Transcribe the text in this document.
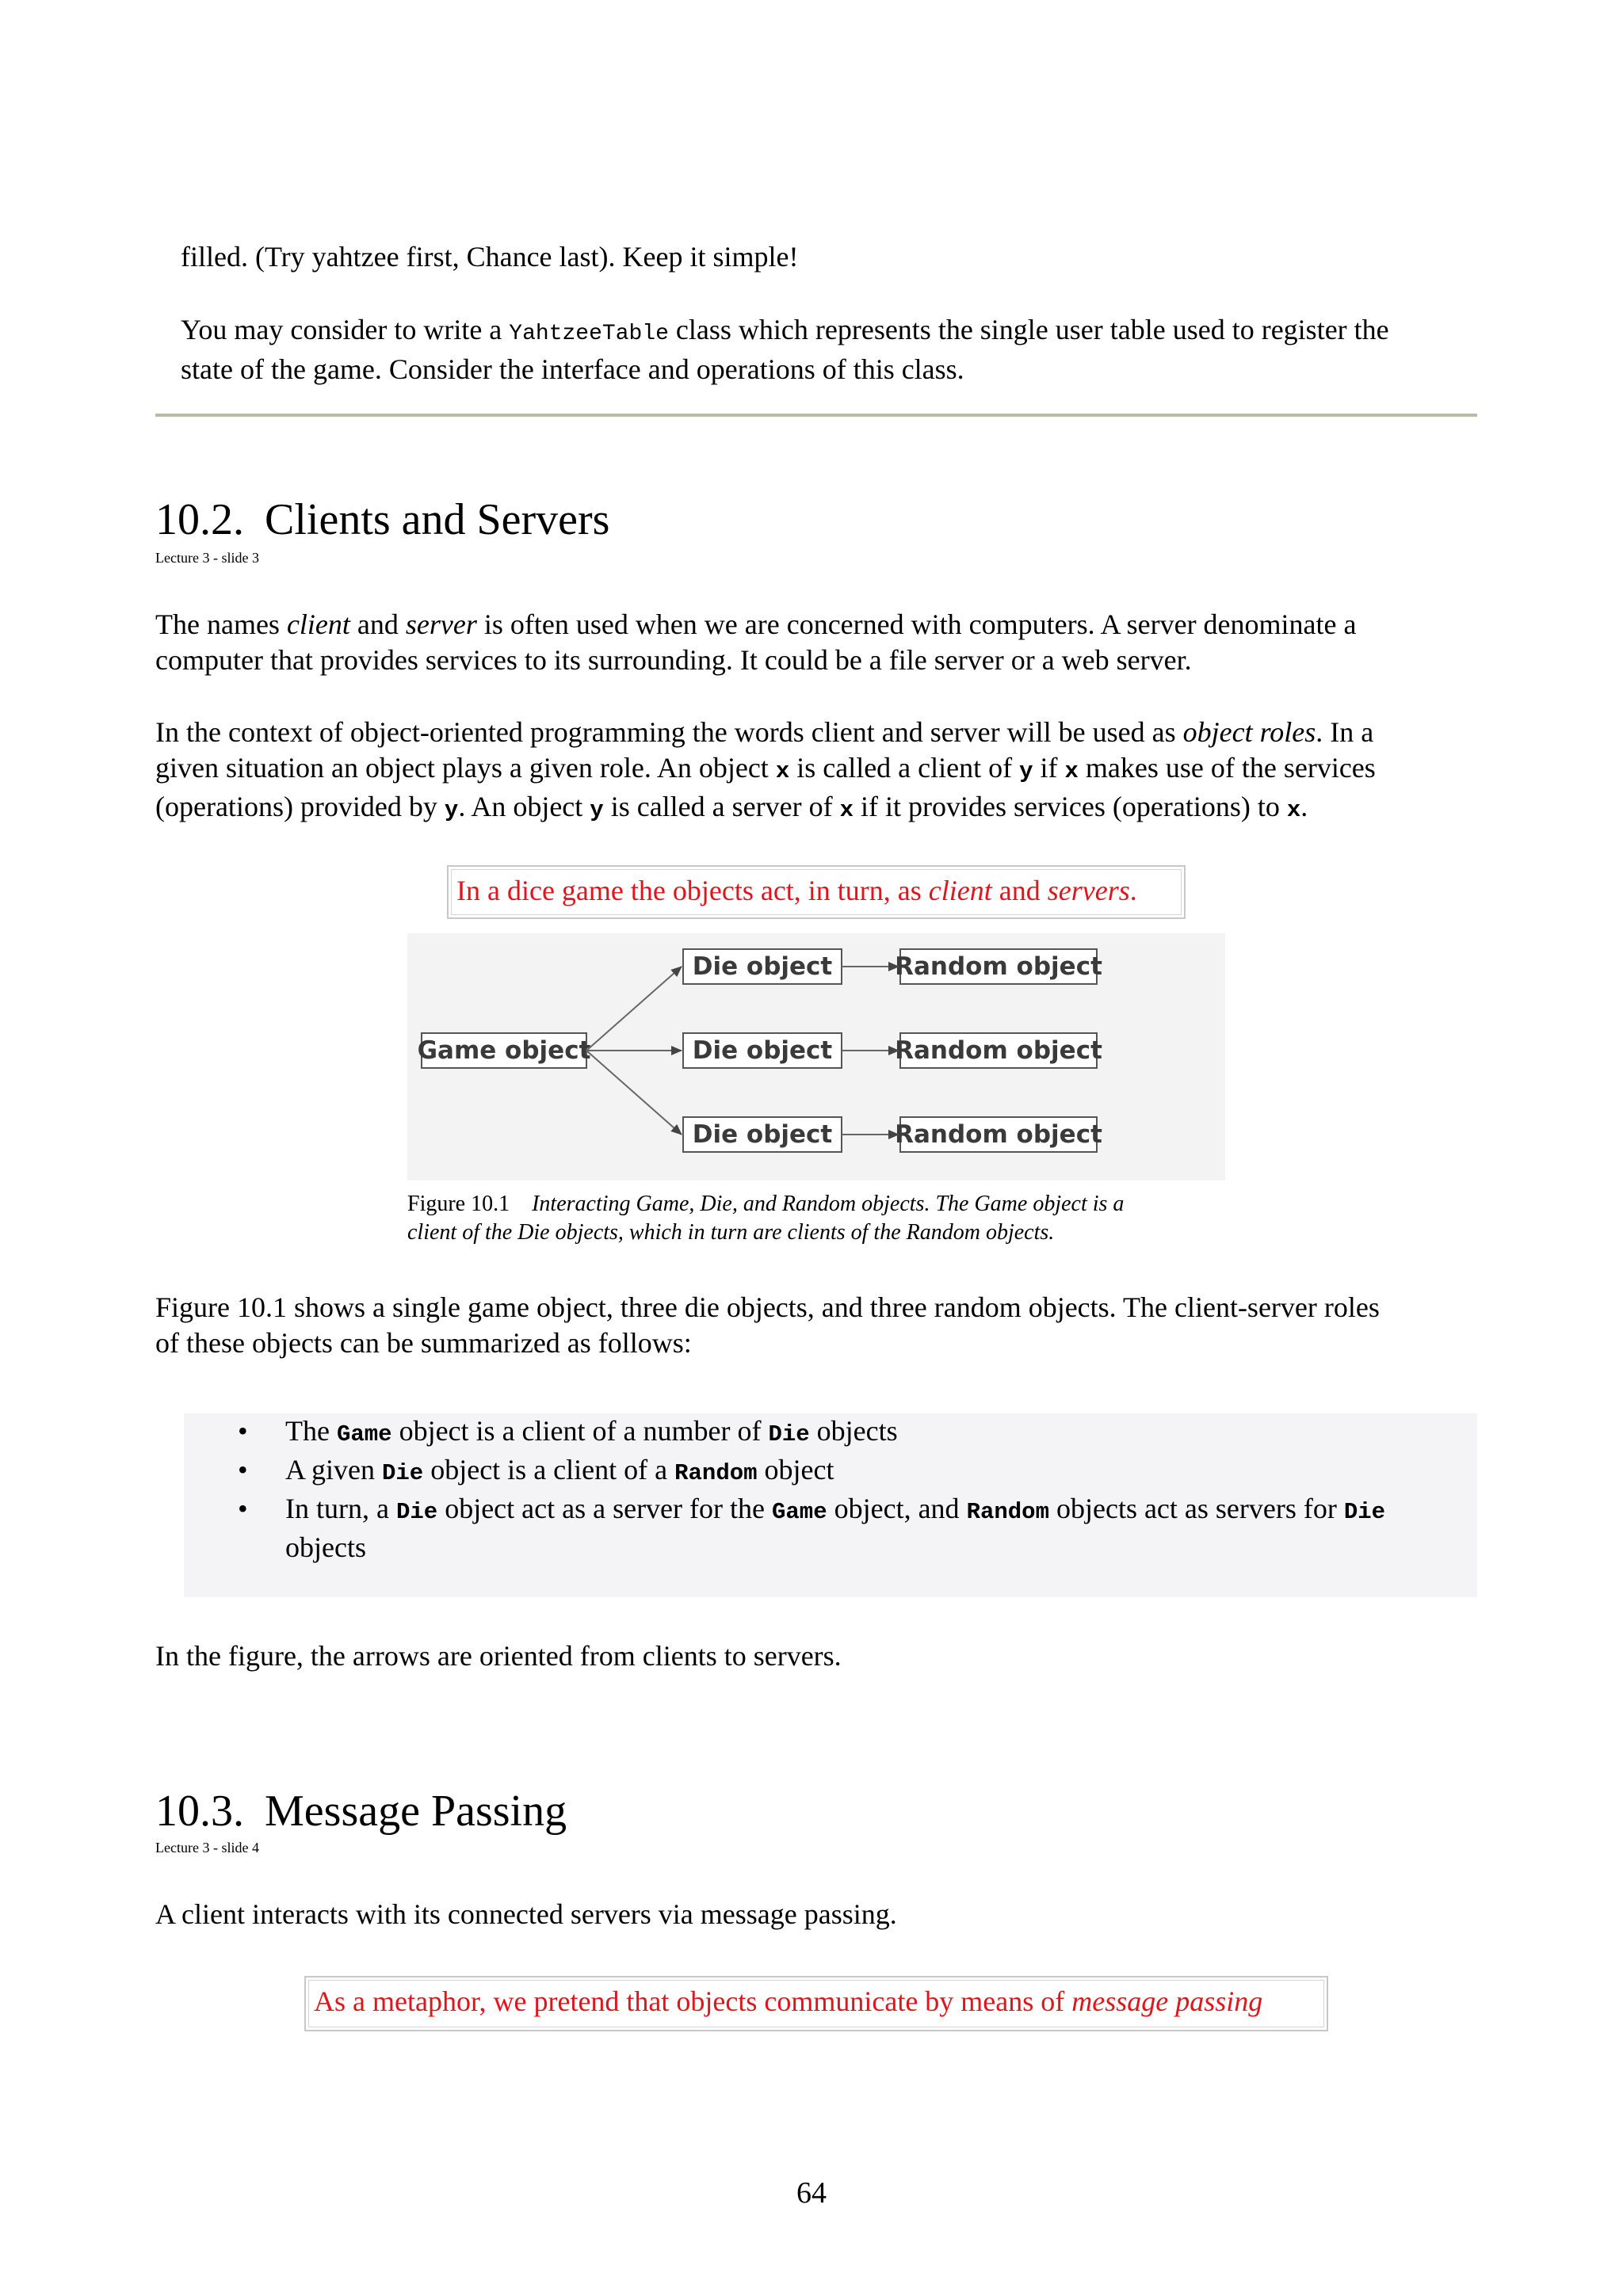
filled. (Try yahtzee first, Chance last). Keep it simple!

You may consider to write a YahtzeeTable class which represents the single user table used to register the
state of the game. Consider the interface and operations of this class.

10.2. Clients and Servers
Lecture 3 - slide 3

The names client and server is often used when we are concerned with computers. A server denominate a
computer that provides services to its surrounding. It could be a file server or a web server.

In the context of object-oriented programming the words client and server will be used as object roles. In a
given situation an object plays a given role. An object x is called a client of y if x makes use of the services
(operations) provided by y. An object y is called a server of x if it provides services (operations) to x.

In a dice game the objects act, in turn, as client and servers.
Game object
Die object
Die object
Die object
Random object
Random object
Random object
Figure 10.1 Interacting Game, Die, and Random objects. The Game object is a
client of the Die objects, which in turn are clients of the Random objects.

Figure 10.1 shows a single game object, three die objects, and three random objects. The client-server roles
of these objects can be summarized as follows:

• The Game object is a client of a number of Die objects
• A given Die object is a client of a Random object
• In turn, a Die object act as a server for the Game object, and Random objects act as servers for Die
objects

In the figure, the arrows are oriented from clients to servers.

10.3. Message Passing
Lecture 3 - slide 4

A client interacts with its connected servers via message passing.

As a metaphor, we pretend that objects communicate by means of message passing
64
